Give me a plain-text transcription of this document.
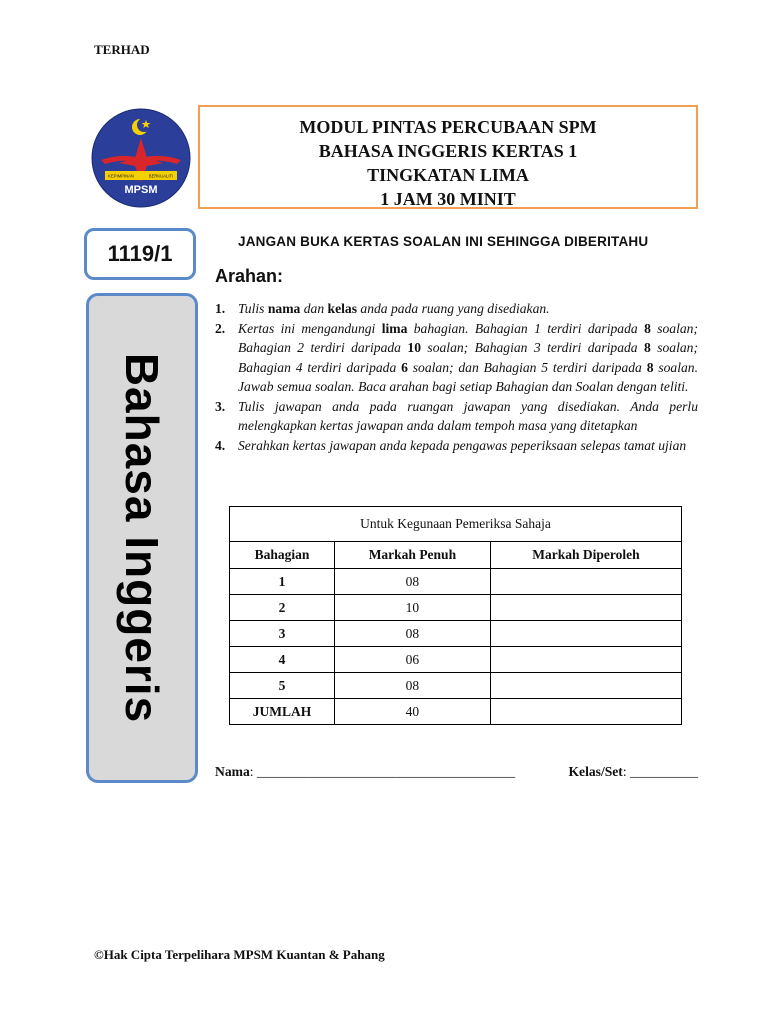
TERHAD
KEPIMPINAN	BERKUALITI
MPSM
MODUL PINTAS PERCUBAAN SPM
BAHASA INGGERIS KERTAS 1
TINGKATAN LIMA
1 JAM 30 MINIT
1119/1
Bahasa Inggeris
JANGAN BUKA KERTAS SOALAN INI SEHINGGA DIBERITAHU
Arahan:
1. Tulis nama dan kelas anda pada ruang yang disediakan.
2. Kertas ini mengandungi lima bahagian. Bahagian 1 terdiri daripada 8 soalan; Bahagian 2 terdiri daripada 10 soalan; Bahagian 3 terdiri daripada 8 soalan; Bahagian 4 terdiri daripada 6 soalan; dan Bahagian 5 terdiri daripada 8 soalan. Jawab semua soalan. Baca arahan bagi setiap Bahagian dan Soalan dengan teliti.
3. Tulis jawapan anda pada ruangan jawapan yang disediakan. Anda perlu melengkapkan kertas jawapan anda dalam tempoh masa yang ditetapkan
4. Serahkan kertas jawapan anda kepada pengawas peperiksaan selepas tamat ujian
Untuk Kegunaan Pemeriksa Sahaja		
Bahagian	Markah Penuh	Markah Diperoleh
1	08	
2	10	
3	08	
4	06	
5	08	
JUMLAH	40	
Nama: ______________________________________	Kelas/Set: __________
©Hak Cipta Terpelihara MPSM Kuantan & Pahang
